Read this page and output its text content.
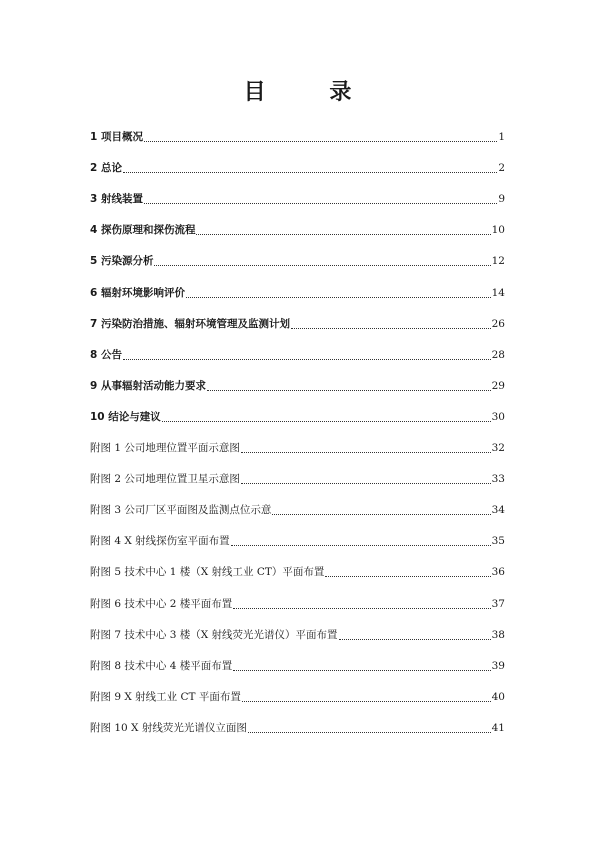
目 录
1 项目概况	1
2 总论	2
3 射线装置	9
4 探伤原理和探伤流程	10
5 污染源分析	12
6 辐射环境影响评价	14
7 污染防治措施、辐射环境管理及监测计划	26
8 公告	28
9 从事辐射活动能力要求	29
10 结论与建议	30
附图 1 公司地理位置平面示意图	32
附图 2 公司地理位置卫星示意图	33
附图 3 公司厂区平面图及监测点位示意	34
附图 4 X 射线探伤室平面布置	35
附图 5 技术中心 1 楼（X 射线工业 CT）平面布置	36
附图 6 技术中心 2 楼平面布置	37
附图 7 技术中心 3 楼（X 射线荧光光谱仪）平面布置	38
附图 8 技术中心 4 楼平面布置	39
附图 9 X 射线工业 CT 平面布置	40
附图 10 X 射线荧光光谱仪立面图	41
